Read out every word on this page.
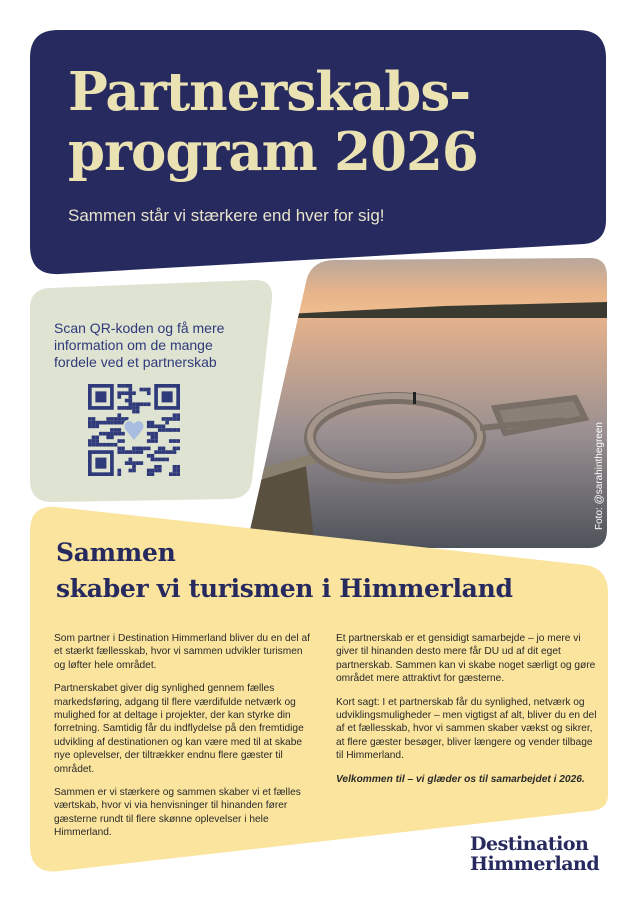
Partnerskabs-
program 2026
Sammen står vi stærkere end hver for sig!
Scan QR-koden og få mere information om de mange fordele ved et partnerskab
Foto: @sarahinthegreen
Sammen
skaber vi turismen i Himmerland

Som partner i Destination Himmerland bliver du en del af et stærkt fællesskab, hvor vi sammen udvikler turismen og løfter hele området.

Partnerskabet giver dig synlighed gennem fælles markedsføring, adgang til flere værdifulde netværk og mulighed for at deltage i projekter, der kan styrke din forretning. Samtidig får du indflydelse på den fremtidige udvikling af destinationen og kan være med til at skabe nye oplevelser, der tiltrækker endnu flere gæster til området.

Sammen er vi stærkere og sammen skaber vi et fælles værtskab, hvor vi via henvisninger til hinanden fører gæsterne rundt til flere skønne oplevelser i hele Himmerland.

Et partnerskab er et gensidigt samarbejde – jo mere vi giver til hinanden desto mere får DU ud af dit eget partnerskab. Sammen kan vi skabe noget særligt og gøre området mere attraktivt for gæsterne.

Kort sagt: I et partnerskab får du synlighed, netværk og udviklingsmuligheder – men vigtigst af alt, bliver du en del af et fællesskab, hvor vi sammen skaber vækst og sikrer, at flere gæster besøger, bliver længere og vender tilbage til Himmerland.

Velkommen til – vi glæder os til samarbejdet i 2026.

Destination
Himmerland
